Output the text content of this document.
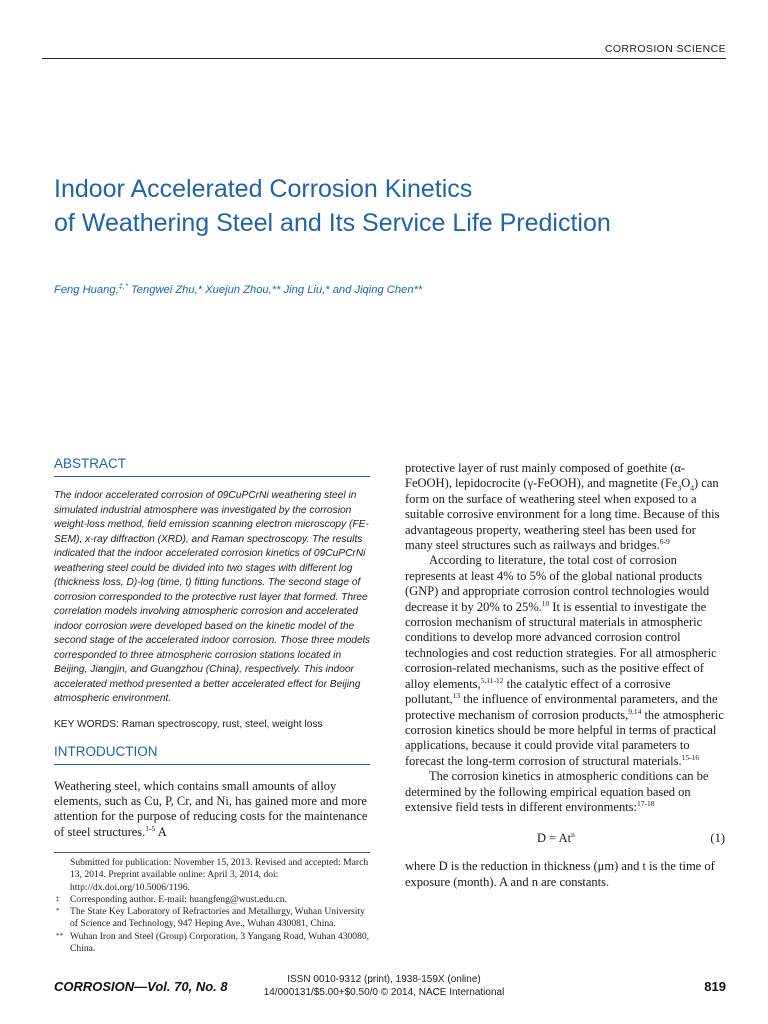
CORROSION SCIENCE
Indoor Accelerated Corrosion Kinetics
of Weathering Steel and Its Service Life Prediction
Feng Huang,‡,* Tengwei Zhu,* Xuejun Zhou,** Jing Liu,* and Jiqing Chen**
ABSTRACT

The indoor accelerated corrosion of 09CuPCrNi weathering steel in simulated industrial atmosphere was investigated by the corrosion weight-loss method, field emission scanning electron microscopy (FE-SEM), x-ray diffraction (XRD), and Raman spectroscopy. The results indicated that the indoor accelerated corrosion kinetics of 09CuPCrNi weathering steel could be divided into two stages with different log (thickness loss, D)-log (time, t) fitting functions. The second stage of corrosion corresponded to the protective rust layer that formed. Three correlation models involving atmospheric corrosion and accelerated indoor corrosion were developed based on the kinetic model of the second stage of the accelerated indoor corrosion. Those three models corresponded to three atmospheric corrosion stations located in Beijing, Jiangjin, and Guangzhou (China), respectively. This indoor accelerated method presented a better accelerated effect for Beijing atmospheric environment.

KEY WORDS: Raman spectroscopy, rust, steel, weight loss

INTRODUCTION

Weathering steel, which contains small amounts of alloy elements, such as Cu, P, Cr, and Ni, has gained more and more attention for the purpose of reducing costs for the maintenance of steel structures.$^{1-5}$ A

Submitted for publication: November 15, 2013. Revised and accepted: March 13, 2014. Preprint available online: April 3, 2014, doi: http://dx.doi.org/10.5006/1196.

‡ Corresponding author. E-mail: huangfeng@wust.edu.cn.

* The State Key Laboratory of Refractories and Metallurgy, Wuhan University of Science and Technology, 947 Heping Ave., Wuhan 430081, China.

** Wuhan Iron and Steel (Group) Corporation, 3 Yangang Road, Wuhan 430080, China.

protective layer of rust mainly composed of goethite (α-FeOOH), lepidocrocite (γ-FeOOH), and magnetite $(Fe_3O_4)$ can form on the surface of weathering steel when exposed to a suitable corrosive environment for a long time. Because of this advantageous property, weathering steel has been used for many steel structures such as railways and bridges.$^{6-9}$

According to literature, the total cost of corrosion represents at least 4% to 5% of the global national products (GNP) and appropriate corrosion control technologies would decrease it by 20% to 25%.$^{10}$ It is essential to investigate the corrosion mechanism of structural materials in atmospheric conditions to develop more advanced corrosion control technologies and cost reduction strategies. For all atmospheric corrosion-related mechanisms, such as the positive effect of alloy elements,$^{5,11-12}$ the catalytic effect of a corrosive pollutant,$^{13}$ the influence of environmental parameters, and the protective mechanism of corrosion products,$^{9,14}$ the atmospheric corrosion kinetics should be more helpful in terms of practical applications, because it could provide vital parameters to forecast the long-term corrosion of structural materials.$^{15-16}$

The corrosion kinetics in atmospheric conditions can be determined by the following empirical equation based on extensive field tests in different environments:$^{17-18}$

$D = At^n$	(1)

where D is the reduction in thickness (μm) and t is the time of exposure (month). A and n are constants.

CORROSION—Vol. 70, No. 8	ISSN 0010-9312 (print), 1938-159X (online)
14/000131/$5.00+$0.50/0 © 2014, NACE International	819
